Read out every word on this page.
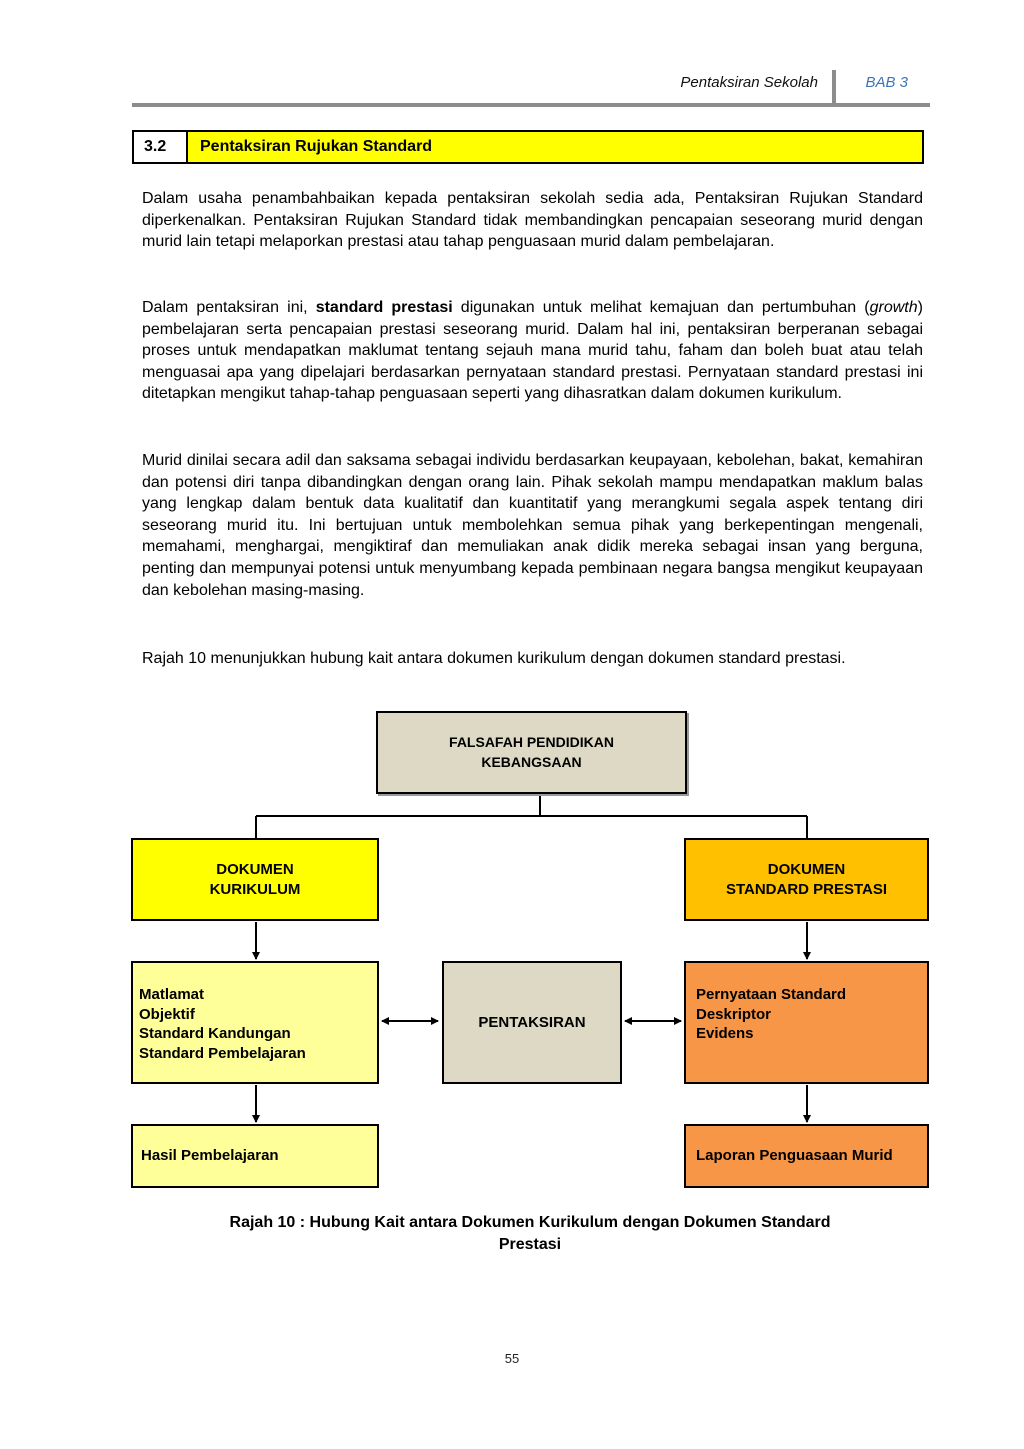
Pentaksiran Sekolah	BAB 3
3.2	Pentaksiran Rujukan Standard

Dalam usaha penambahbaikan kepada pentaksiran sekolah sedia ada, Pentaksiran Rujukan Standard diperkenalkan. Pentaksiran Rujukan Standard tidak membandingkan pencapaian seseorang murid dengan murid lain tetapi melaporkan prestasi atau tahap penguasaan murid dalam pembelajaran.

Dalam pentaksiran ini, standard prestasi digunakan untuk melihat kemajuan dan pertumbuhan (growth) pembelajaran serta pencapaian prestasi seseorang murid. Dalam hal ini, pentaksiran berperanan sebagai proses untuk mendapatkan maklumat tentang sejauh mana murid tahu, faham dan boleh buat atau telah menguasai apa yang dipelajari berdasarkan pernyataan standard prestasi. Pernyataan standard prestasi ini ditetapkan mengikut tahap-tahap penguasaan seperti yang dihasratkan dalam dokumen kurikulum.

Murid dinilai secara adil dan saksama sebagai individu berdasarkan keupayaan, kebolehan, bakat, kemahiran dan potensi diri tanpa dibandingkan dengan orang lain. Pihak sekolah mampu mendapatkan maklum balas yang lengkap dalam bentuk data kualitatif dan kuantitatif yang merangkumi segala aspek tentang diri seseorang murid itu. Ini bertujuan untuk membolehkan semua pihak yang berkepentingan mengenali, memahami, menghargai, mengiktiraf dan memuliakan anak didik mereka sebagai insan yang berguna, penting dan mempunyai potensi untuk menyumbang kepada pembinaan negara bangsa mengikut keupayaan dan kebolehan masing-masing.

Rajah 10 menunjukkan hubung kait antara dokumen kurikulum dengan dokumen standard prestasi.

FALSAFAH PENDIDIKAN
KEBANGSAAN
DOKUMEN
KURIKULUM
DOKUMEN
STANDARD PRESTASI
Matlamat
Objektif
Standard Kandungan
Standard Pembelajaran
PENTAKSIRAN
Pernyataan Standard
Deskriptor
Evidens
Hasil Pembelajaran	Laporan Penguasaan Murid
Rajah 10 : Hubung Kait antara Dokumen Kurikulum dengan Dokumen Standard
Prestasi
55
